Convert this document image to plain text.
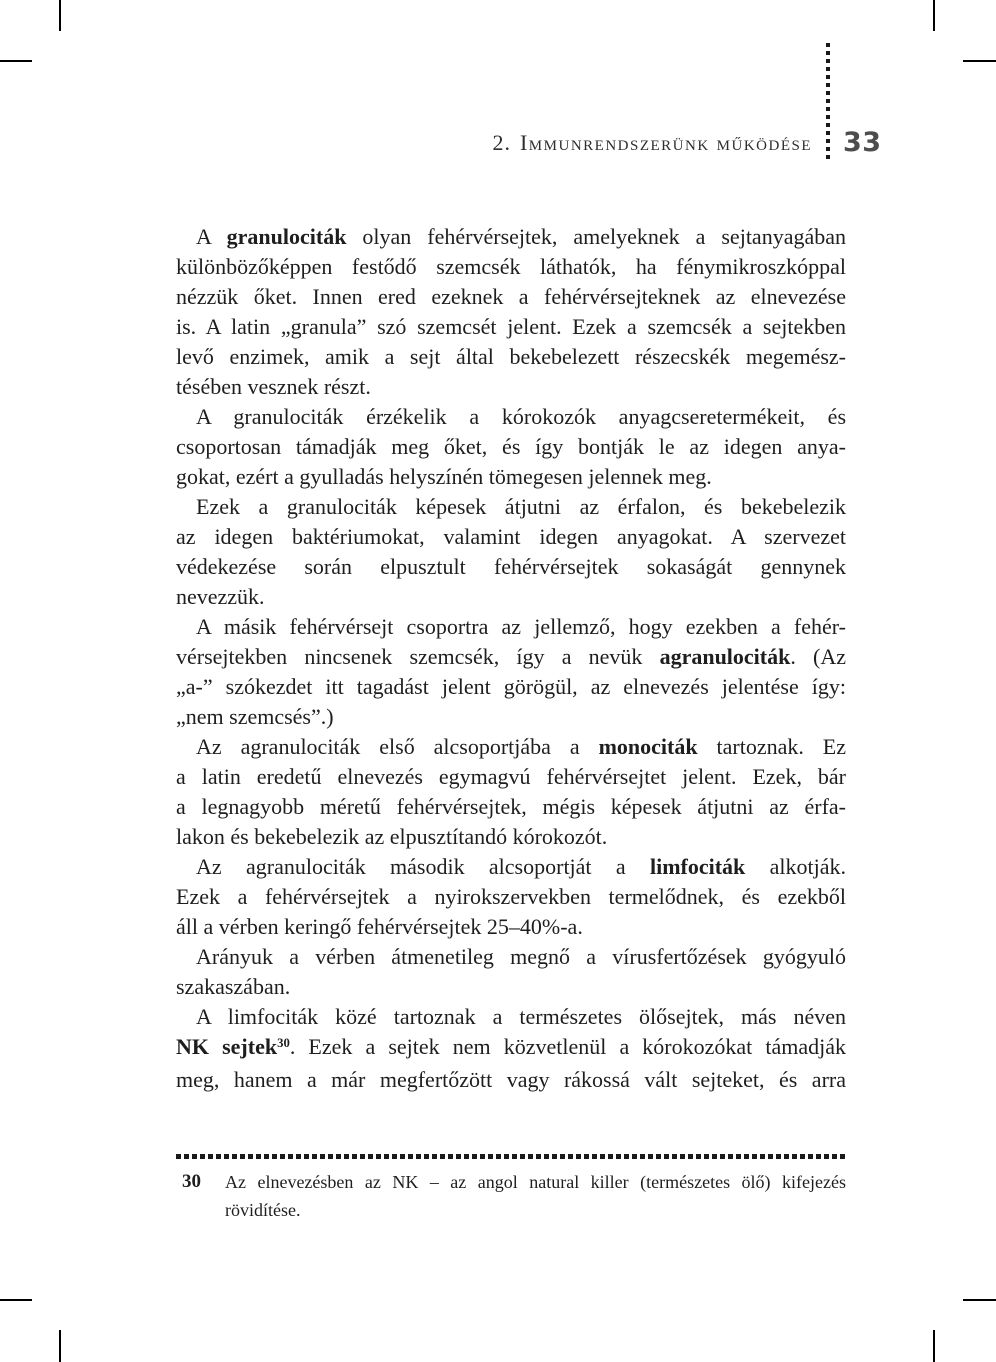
2. Immunrendszerünk működése 33
A granulociták olyan fehérvérsejtek, amelyeknek a sejtanyagában
különbözőképpen festődő szemcsék láthatók, ha fénymikroszkóppal
nézzük őket. Innen ered ezeknek a fehérvérsejteknek az elnevezése
is. A latin „granula” szó szemcsét jelent. Ezek a szemcsék a sejtekben
levő enzimek, amik a sejt által bekebelezett részecskék megemész-
tésében vesznek részt.
A granulociták érzékelik a kórokozók anyagcseretermékeit, és
csoportosan támadják meg őket, és így bontják le az idegen anya-
gokat, ezért a gyulladás helyszínén tömegesen jelennek meg.
Ezek a granulociták képesek átjutni az érfalon, és bekebelezik
az idegen baktériumokat, valamint idegen anyagokat. A szervezet
védekezése során elpusztult fehérvérsejtek sokaságát gennynek
nevezzük.
A másik fehérvérsejt csoportra az jellemző, hogy ezekben a fehér-
vérsejtekben nincsenek szemcsék, így a nevük agranulociták. (Az
„a-” szókezdet itt tagadást jelent görögül, az elnevezés jelentése így:
„nem szemcsés”.)
Az agranulociták első alcsoportjába a monociták tartoznak. Ez
a latin eredetű elnevezés egymagvú fehérvérsejtet jelent. Ezek, bár
a legnagyobb méretű fehérvérsejtek, mégis képesek átjutni az érfa-
lakon és bekebelezik az elpusztítandó kórokozót.
Az agranulociták második alcsoportját a limfociták alkotják.
Ezek a fehérvérsejtek a nyirokszervekben termelődnek, és ezekből
áll a vérben keringő fehérvérsejtek 25–40%-a.
Arányuk a vérben átmenetileg megnő a vírusfertőzések gyógyuló
szakaszában.
A limfociták közé tartoznak a természetes ölősejtek, más néven
NK sejtek$^{30}$. Ezek a sejtek nem közvetlenül a kórokozókat támadják
meg, hanem a már megfertőzött vagy rákossá vált sejteket, és arra
30	Az elnevezésben az NK – az angol natural killer (természetes ölő) kifejezés
rövidítése.
